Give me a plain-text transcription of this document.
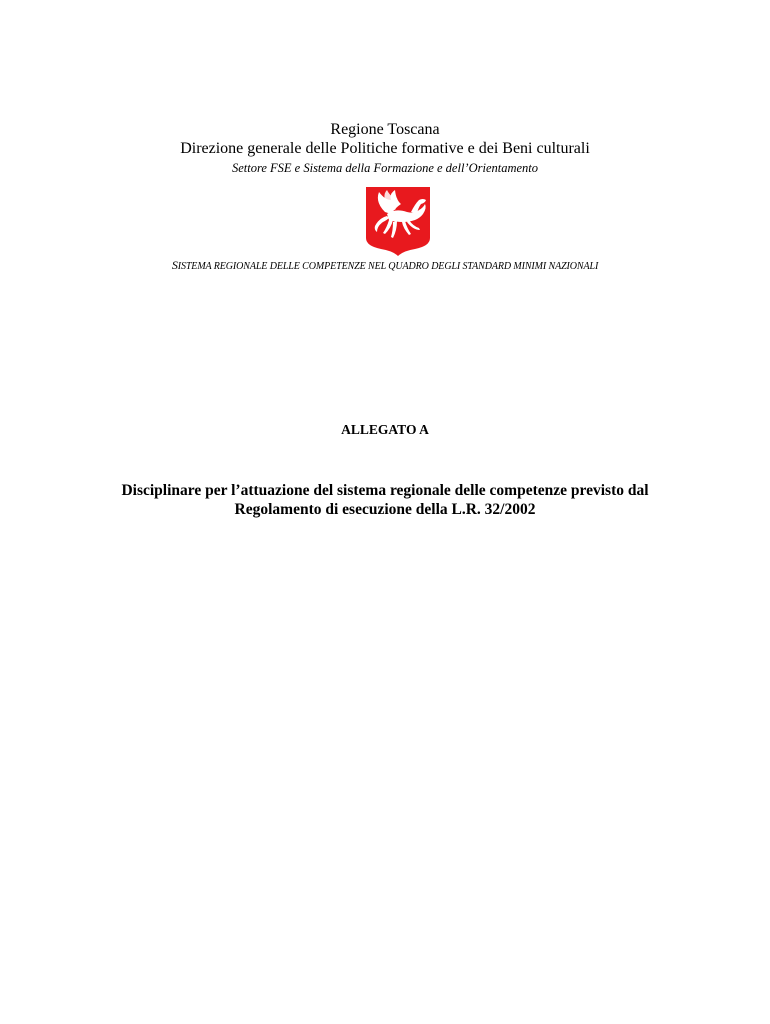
Regione Toscana
Direzione generale delle Politiche formative e dei Beni culturali
Settore FSE e Sistema della Formazione e dell’Orientamento
SISTEMA REGIONALE DELLE COMPETENZE NEL QUADRO DEGLI STANDARD MINIMI NAZIONALI
ALLEGATO A
Disciplinare per l’attuazione del sistema regionale delle competenze previsto dal
Regolamento di esecuzione della L.R. 32/2002
